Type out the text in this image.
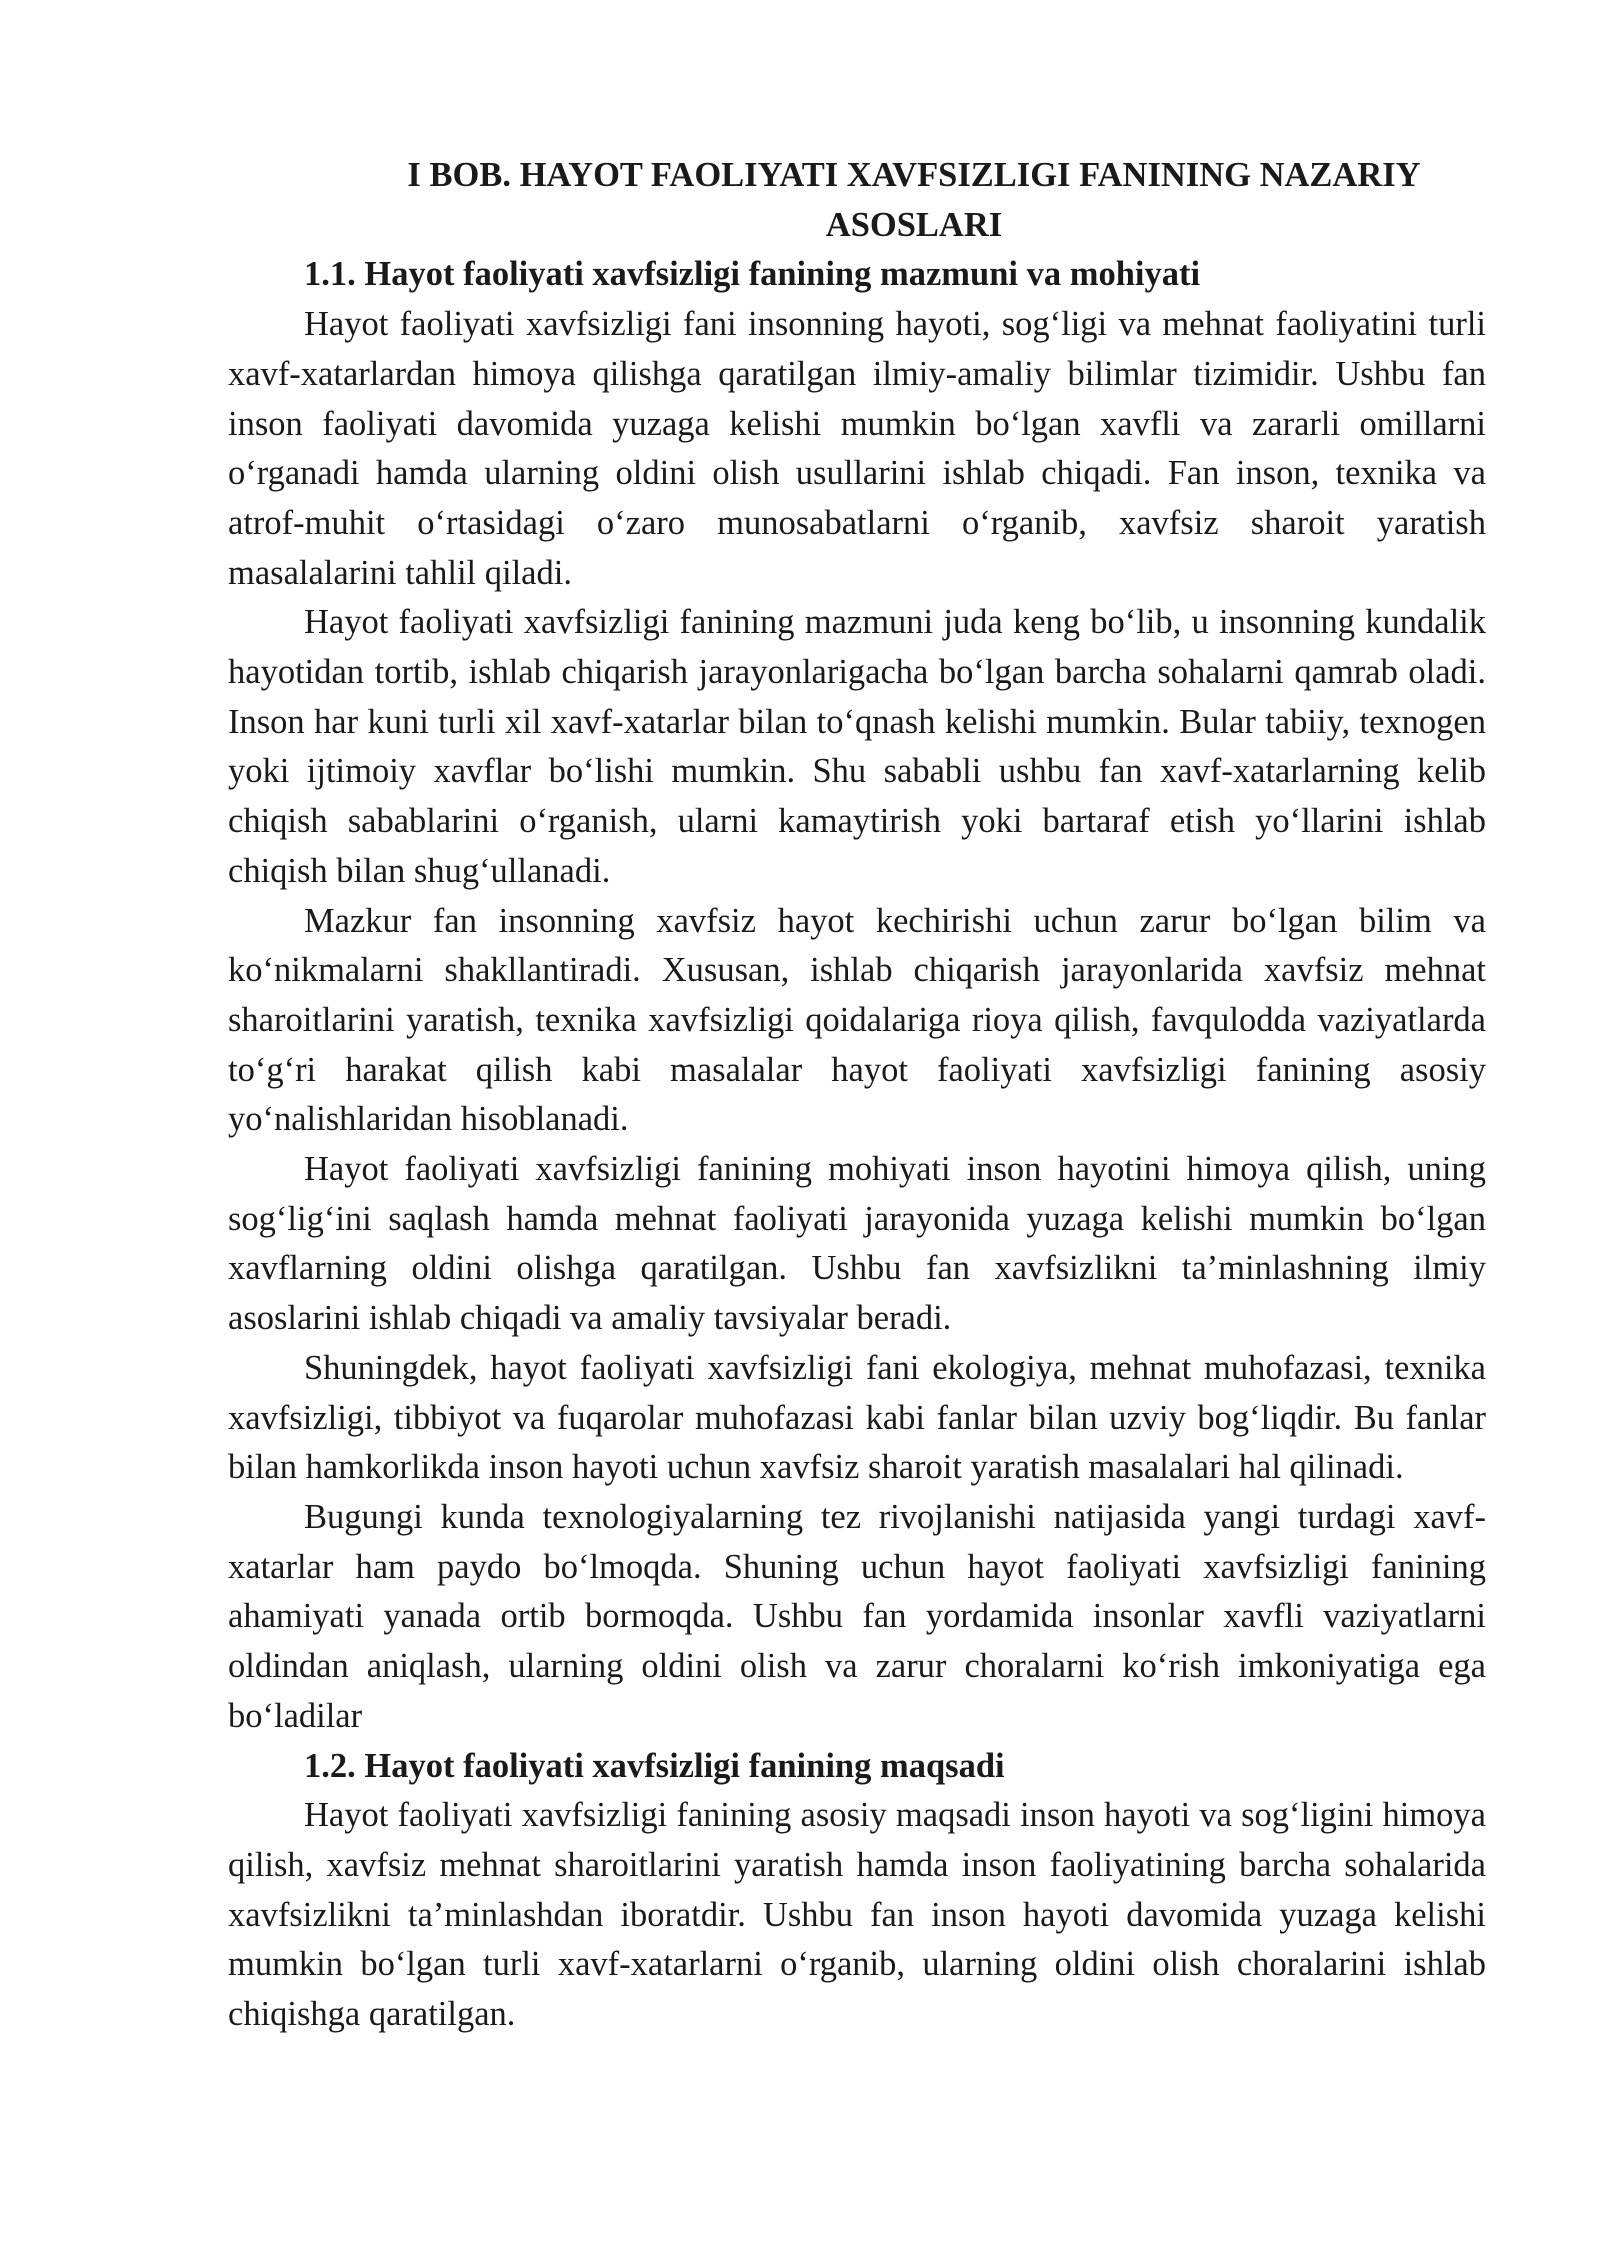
I BOB. HAYOT FAOLIYATI XAVFSIZLIGI FANINING NAZARIY ASOSLARI
1.1. Hayot faoliyati xavfsizligi fanining mazmuni va mohiyati

Hayot faoliyati xavfsizligi fani insonning hayoti, sog‘ligi va mehnat faoliyatini turli xavf-xatarlardan himoya qilishga qaratilgan ilmiy-amaliy bilimlar tizimidir. Ushbu fan inson faoliyati davomida yuzaga kelishi mumkin bo‘lgan xavfli va zararli omillarni o‘rganadi hamda ularning oldini olish usullarini ishlab chiqadi. Fan inson, texnika va atrof-muhit o‘rtasidagi o‘zaro munosabatlarni o‘rganib, xavfsiz sharoit yaratish masalalarini tahlil qiladi.

Hayot faoliyati xavfsizligi fanining mazmuni juda keng bo‘lib, u insonning kundalik hayotidan tortib, ishlab chiqarish jarayonlarigacha bo‘lgan barcha sohalarni qamrab oladi. Inson har kuni turli xil xavf-xatarlar bilan to‘qnash kelishi mumkin. Bular tabiiy, texnogen yoki ijtimoiy xavflar bo‘lishi mumkin. Shu sababli ushbu fan xavf-xatarlarning kelib chiqish sabablarini o‘rganish, ularni kamaytirish yoki bartaraf etish yo‘llarini ishlab chiqish bilan shug‘ullanadi.

Mazkur fan insonning xavfsiz hayot kechirishi uchun zarur bo‘lgan bilim va ko‘nikmalarni shakllantiradi. Xususan, ishlab chiqarish jarayonlarida xavfsiz mehnat sharoitlarini yaratish, texnika xavfsizligi qoidalariga rioya qilish, favqulodda vaziyatlarda to‘g‘ri harakat qilish kabi masalalar hayot faoliyati xavfsizligi fanining asosiy yo‘nalishlaridan hisoblanadi.

Hayot faoliyati xavfsizligi fanining mohiyati inson hayotini himoya qilish, uning sog‘lig‘ini saqlash hamda mehnat faoliyati jarayonida yuzaga kelishi mumkin bo‘lgan xavflarning oldini olishga qaratilgan. Ushbu fan xavfsizlikni ta’minlashning ilmiy asoslarini ishlab chiqadi va amaliy tavsiyalar beradi.

Shuningdek, hayot faoliyati xavfsizligi fani ekologiya, mehnat muhofazasi, texnika xavfsizligi, tibbiyot va fuqarolar muhofazasi kabi fanlar bilan uzviy bog‘liqdir. Bu fanlar bilan hamkorlikda inson hayoti uchun xavfsiz sharoit yaratish masalalari hal qilinadi.

Bugungi kunda texnologiyalarning tez rivojlanishi natijasida yangi turdagi xavf-xatarlar ham paydo bo‘lmoqda. Shuning uchun hayot faoliyati xavfsizligi fanining ahamiyati yanada ortib bormoqda. Ushbu fan yordamida insonlar xavfli vaziyatlarni oldindan aniqlash, ularning oldini olish va zarur choralarni ko‘rish imkoniyatiga ega bo‘ladilar

1.2. Hayot faoliyati xavfsizligi fanining maqsadi

Hayot faoliyati xavfsizligi fanining asosiy maqsadi inson hayoti va sog‘ligini himoya qilish, xavfsiz mehnat sharoitlarini yaratish hamda inson faoliyatining barcha sohalarida xavfsizlikni ta’minlashdan iboratdir. Ushbu fan inson hayoti davomida yuzaga kelishi mumkin bo‘lgan turli xavf-xatarlarni o‘rganib, ularning oldini olish choralarini ishlab chiqishga qaratilgan.
